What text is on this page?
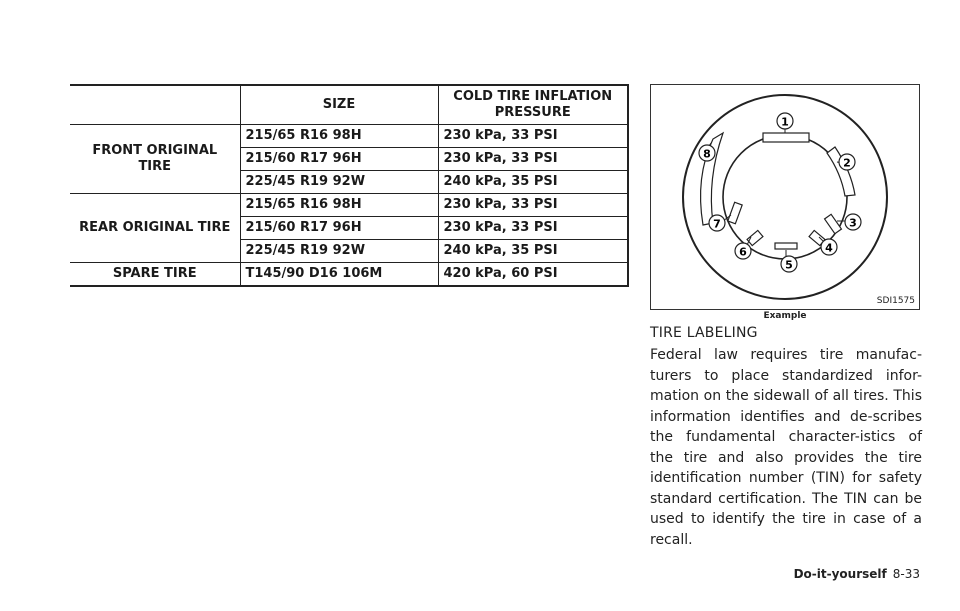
	SIZE	COLD TIRE INFLATION PRESSURE
FRONT ORIGINAL TIRE	215/65 R16 98H	230 kPa, 33 PSI
	215/60 R17 96H	230 kPa, 33 PSI
	225/45 R19 92W	240 kPa, 35 PSI
REAR ORIGINAL TIRE	215/65 R16 98H	230 kPa, 33 PSI
	215/60 R17 96H	230 kPa, 33 PSI
	225/45 R19 92W	240 kPa, 35 PSI
SPARE TIRE	T145/90 D16 106M	420 kPa, 60 PSI
1
2
3
4
5
6
7
8
SDI1575
Example
TIRE LABELING
Federal law requires tire manufac-turers to place standardized infor-mation on the sidewall of all tires. This information identifies and de-scribes the fundamental character-istics of the tire and also provides the tire identification number (TIN) for safety standard certification. The TIN can be used to identify the tire in case of a recall.
Do-it-yourself 8-33
